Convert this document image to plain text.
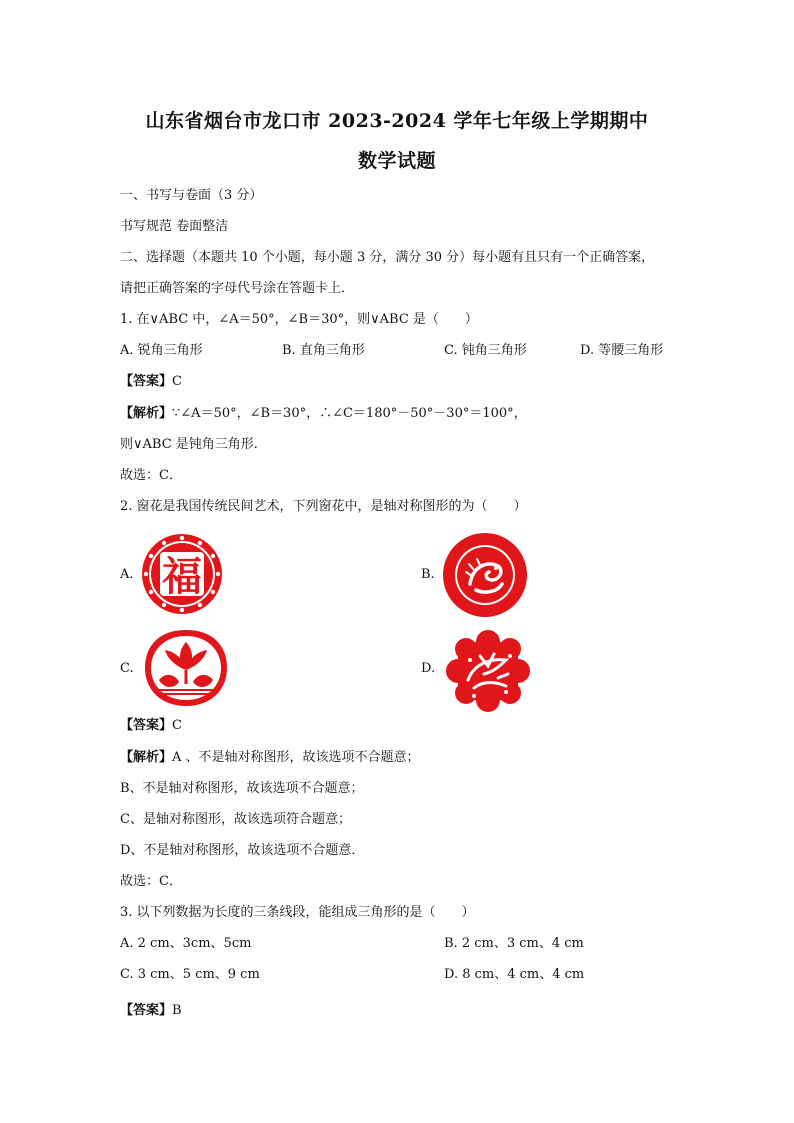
山东省烟台市龙口市 2023-2024 学年七年级上学期期中
数学试题
一、书写与卷面（3 分）
书写规范 卷面整洁
二、选择题（本题共 10 个小题，每小题 3 分，满分 30 分）每小题有且只有一个正确答案，
请把正确答案的字母代号涂在答题卡上．
1. 在∨ABC 中，∠A＝50°，∠B＝30°，则∨ABC 是（　　）
A. 锐角三角形	B. 直角三角形	C. 钝角三角形	D. 等腰三角形
【答案】C
【解析】∵∠A＝50°，∠B＝30°，∴∠C＝180°－50°－30°＝100°，
则∨ABC 是钝角三角形.
故选：C．
2. 窗花是我国传统民间艺术，下列窗花中，是轴对称图形的为（　　）
A. 福	B.
C.	D.
【答案】C
【解析】A 、不是轴对称图形，故该选项不合题意；
B、不是轴对称图形，故该选项不合题意；
C、是轴对称图形，故该选项符合题意；
D、不是轴对称图形，故该选项不合题意．
故选：C．
3. 以下列数据为长度的三条线段，能组成三角形的是（　　）
A. 2 cm、3cm、5cm	B. 2 cm、3 cm、4 cm
C. 3 cm、5 cm、9 cm	D. 8 cm、4 cm、4 cm
【答案】B
